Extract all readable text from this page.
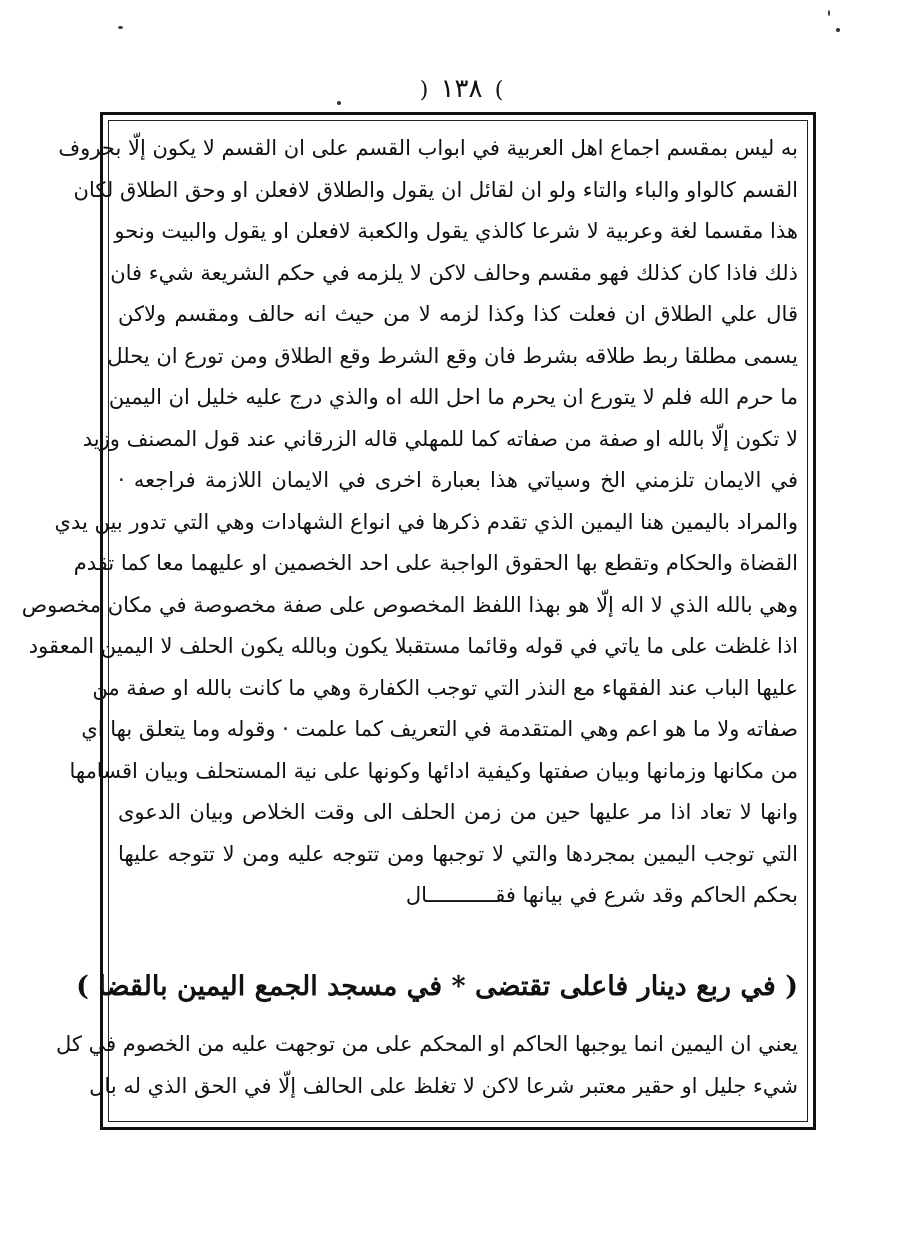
) ١٣٨ (
به ليس بمقسم اجماع اهل العربية في ابواب القسم على ان القسم لا يكون إلّا بحروف
القسم كالواو والباء والتاء ولو ان لقائل ان يقول والطلاق لافعلن او وحق الطلاق لكان
هذا مقسما لغة وعربية لا شرعا كالذي يقول والكعبة لافعلن او يقول والبيت ونحو
ذلك فاذا كان كذلك فهو مقسم وحالف لاكن لا يلزمه في حكم الشريعة شيء فان
قال علي الطلاق ان فعلت كذا وكذا لزمه لا من حيث انه حالف ومقسم ولاكن
يسمى مطلقا ربط طلاقه بشرط فان وقع الشرط وقع الطلاق ومن تورع ان يحلل
ما حرم الله فلم لا يتورع ان يحرم ما احل الله اه والذي درج عليه خليل ان اليمين
لا تكون إلّا بالله او صفة من صفاته كما للمهلي قاله الزرقاني عند قول المصنف وزيد
في الايمان تلزمني الخ وسياتي هذا بعبارة اخرى في الايمان اللازمة فراجعه ·
والمراد باليمين هنا اليمين الذي تقدم ذكرها في انواع الشهادات وهي التي تدور بين يدي
القضاة والحكام وتقطع بها الحقوق الواجبة على احد الخصمين او عليهما معا كما تقدم
وهي بالله الذي لا اله إلّا هو بهذا اللفظ المخصوص على صفة مخصوصة في مكان مخصوص
اذا غلظت على ما ياتي في قوله وقائما مستقبلا يكون وبالله يكون الحلف لا اليمين المعقود
عليها الباب عند الفقهاء مع النذر التي توجب الكفارة وهي ما كانت بالله او صفة من
صفاته ولا ما هو اعم وهي المتقدمة في التعريف كما علمت · وقوله وما يتعلق بها اي
من مكانها وزمانها وبيان صفتها وكيفية ادائها وكونها على نية المستحلف وبيان اقسامها
وانها لا تعاد اذا مر عليها حين من زمن الحلف الى وقت الخلاص وبيان الدعوى
التي توجب اليمين بمجردها والتي لا توجبها ومن تتوجه عليه ومن لا تتوجه عليها
بحكم الحاكم وقد شرع في بيانها فقـــــــــــال
( في ربع دينار فاعلى تقتضى * في مسجد الجمع اليمين بالقضا )
يعني ان اليمين انما يوجبها الحاكم او المحكم على من توجهت عليه من الخصوم في كل
شيء جليل او حقير معتبر شرعا لاكن لا تغلظ على الحالف إلّا في الحق الذي له بال
